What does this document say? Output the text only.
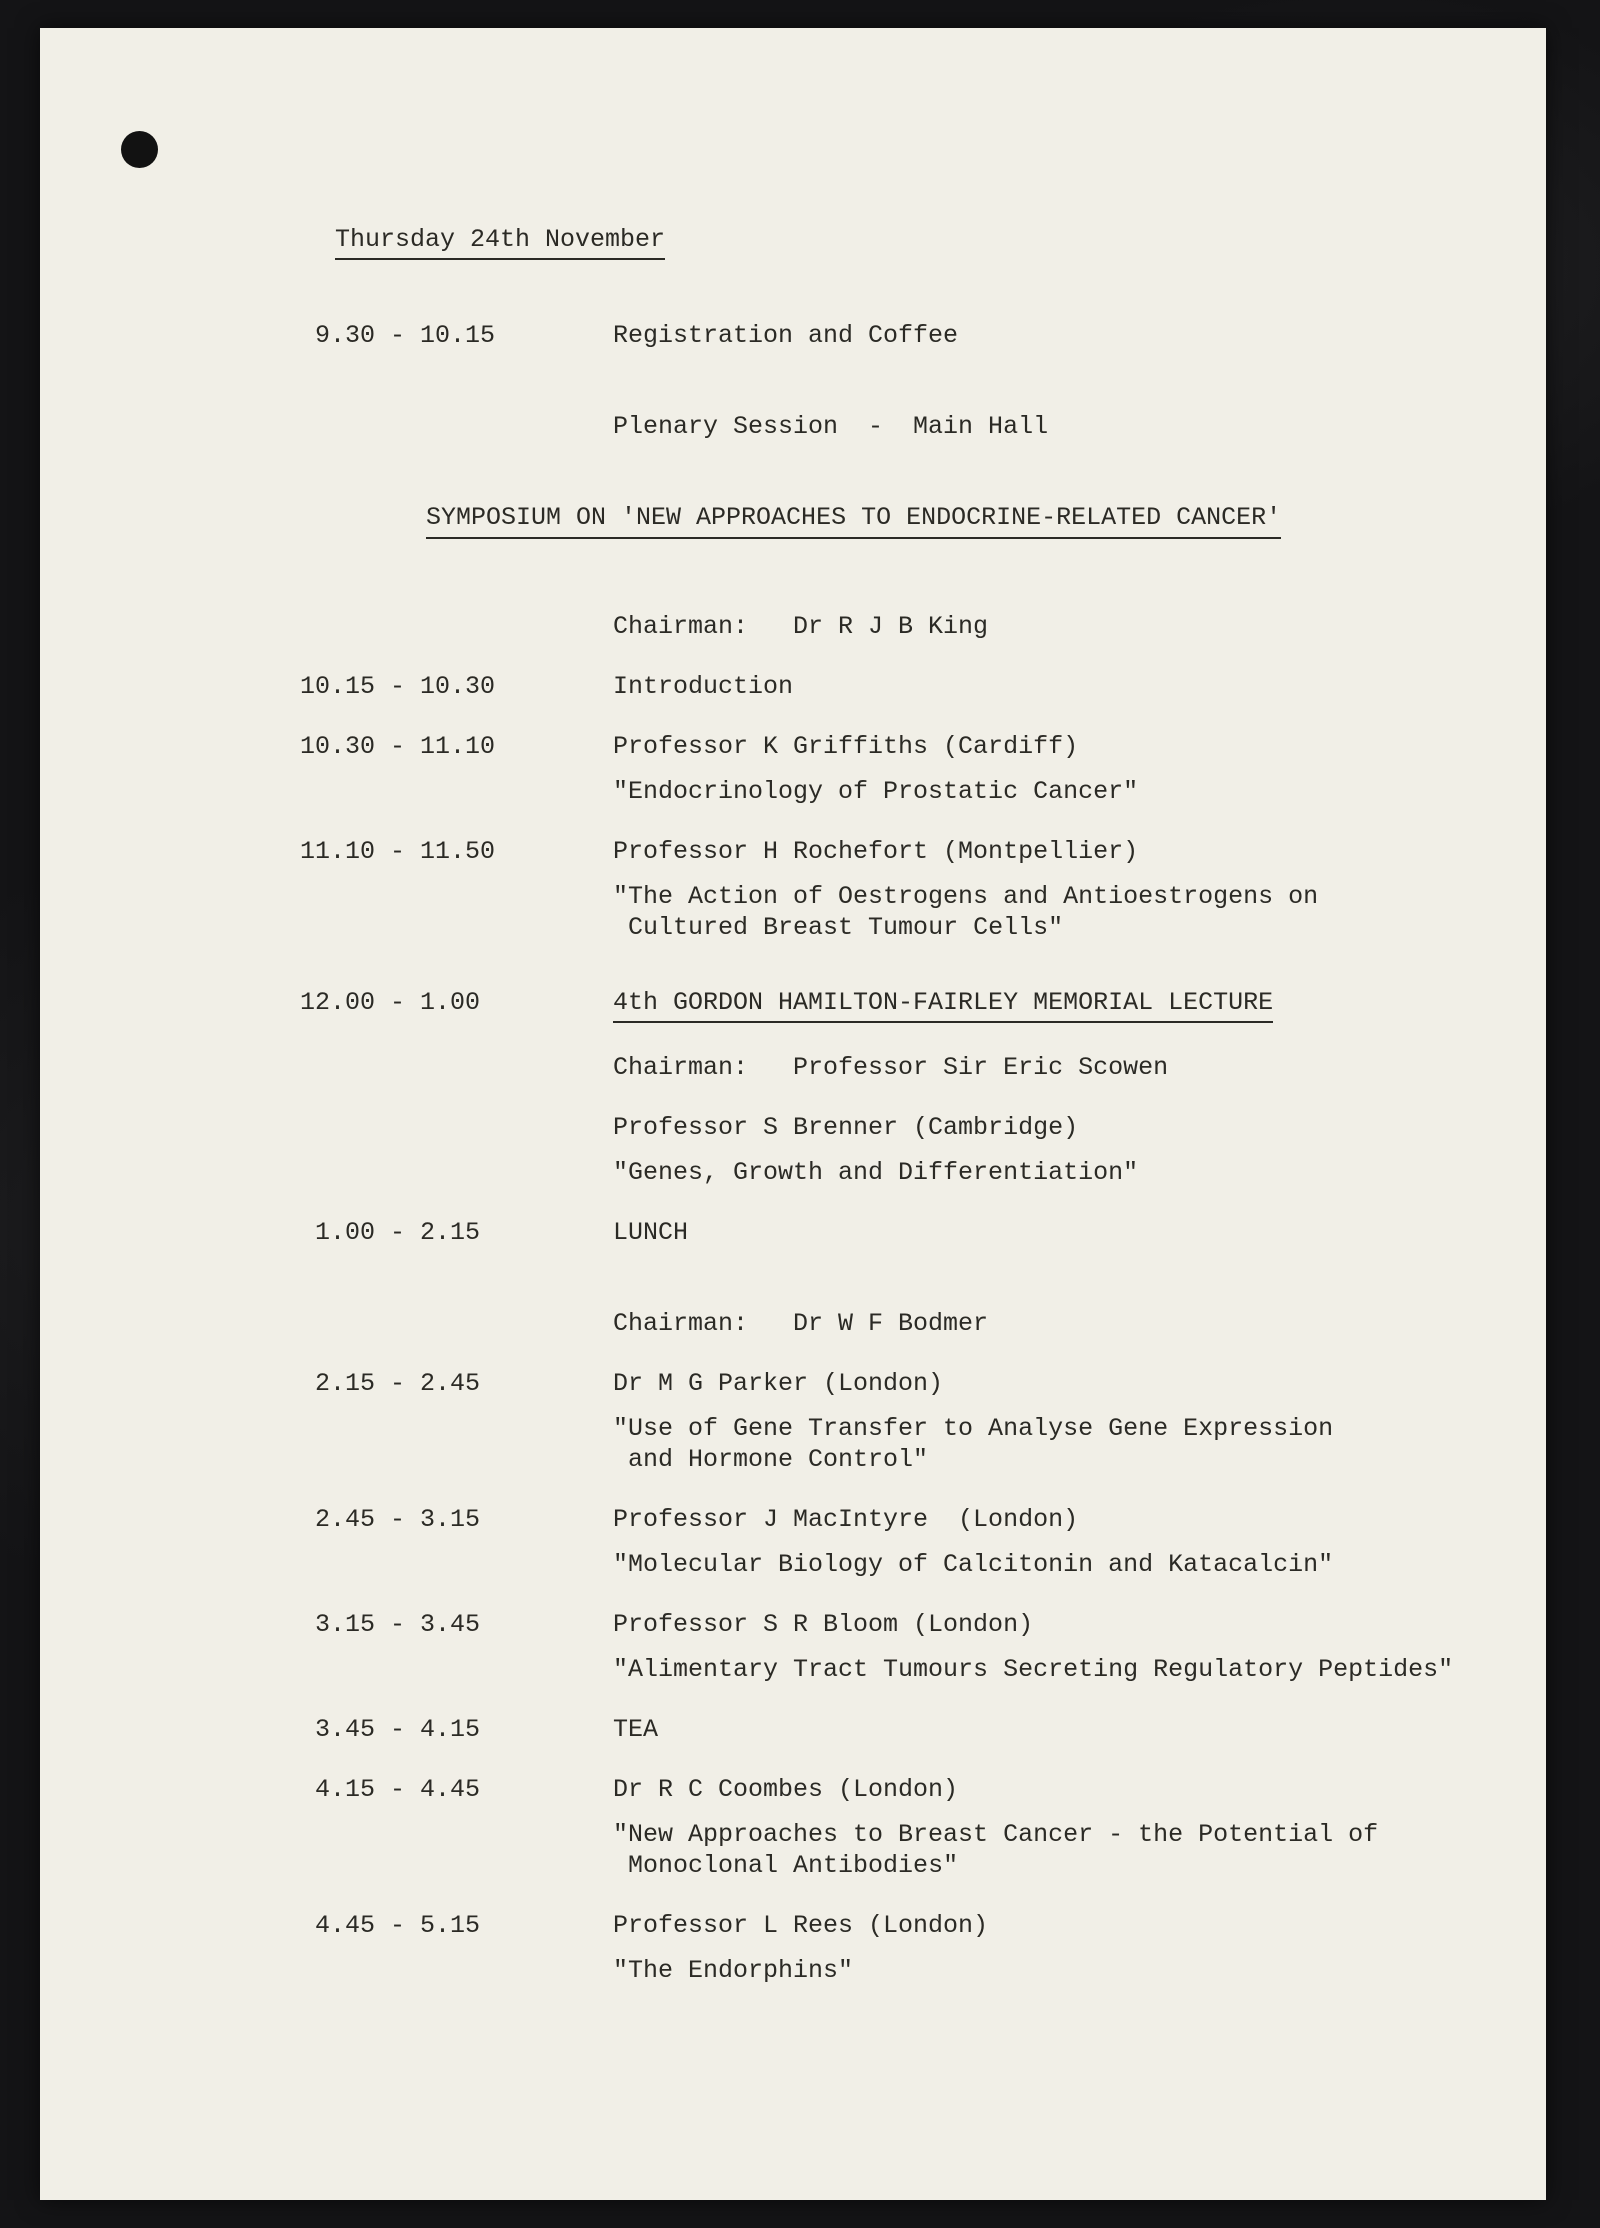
Thursday 24th November
9.30 - 10.15	Registration and Coffee
Plenary Session  -  Main Hall
SYMPOSIUM ON 'NEW APPROACHES TO ENDOCRINE-RELATED CANCER'
Chairman:   Dr R J B King
10.15 - 10.30	Introduction
10.30 - 11.10	Professor K Griffiths (Cardiff)
"Endocrinology of Prostatic Cancer"
11.10 - 11.50	Professor H Rochefort (Montpellier)
"The Action of Oestrogens and Antioestrogens on
Cultured Breast Tumour Cells"
12.00 - 1.00	4th GORDON HAMILTON-FAIRLEY MEMORIAL LECTURE
Chairman:   Professor Sir Eric Scowen
Professor S Brenner (Cambridge)
"Genes, Growth and Differentiation"
1.00 - 2.15	LUNCH
Chairman:   Dr W F Bodmer
2.15 - 2.45	Dr M G Parker (London)
"Use of Gene Transfer to Analyse Gene Expression
and Hormone Control"
2.45 - 3.15	Professor J MacIntyre  (London)
"Molecular Biology of Calcitonin and Katacalcin"
3.15 - 3.45	Professor S R Bloom (London)
"Alimentary Tract Tumours Secreting Regulatory Peptides"
3.45 - 4.15	TEA
4.15 - 4.45	Dr R C Coombes (London)
"New Approaches to Breast Cancer - the Potential of
Monoclonal Antibodies"
4.45 - 5.15	Professor L Rees (London)
"The Endorphins"
